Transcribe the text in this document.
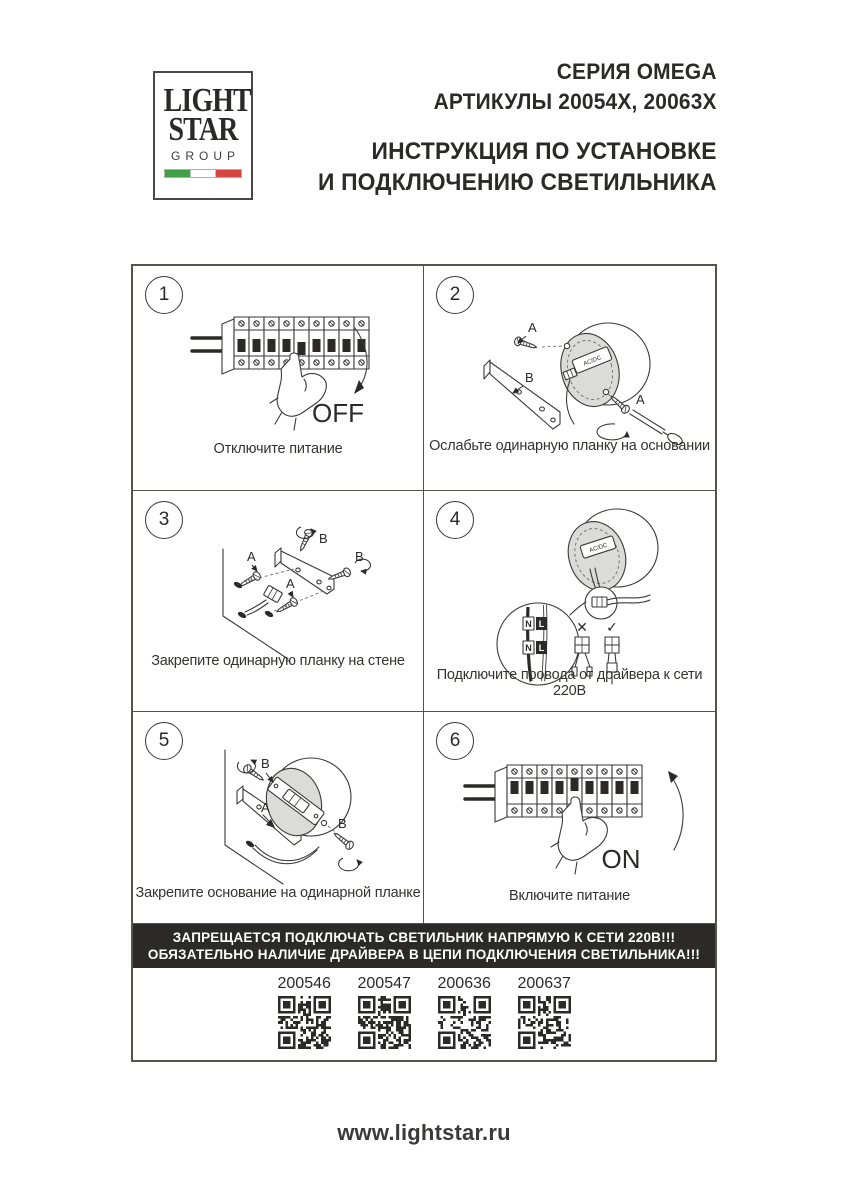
LIGHT
STAR
GROUP
СЕРИЯ OMEGA
АРТИКУЛЫ 20054X, 20063X
ИНСТРУКЦИЯ ПО УСТАНОВКЕ
И ПОДКЛЮЧЕНИЮ СВЕТИЛЬНИКА
1
OFF
Отключите питание
2
AC/DC
A
B
A
Ослабьте одинарную планку на основании
3
B
B
A
A
Закрепите одинарную планку на стене
4
AC/DC
N L
N L
✕ ✓
Подключите провода от драйвера к сети 220В
5
B
A
B
Закрепите основание на одинарной планке
6
ON
Включите питание
ЗАПРЕЩАЕТСЯ ПОДКЛЮЧАТЬ СВЕТИЛЬНИК НАПРЯМУЮ К СЕТИ 220В!!!
ОБЯЗАТЕЛЬНО НАЛИЧИЕ ДРАЙВЕРА В ЦЕПИ ПОДКЛЮЧЕНИЯ СВЕТИЛЬНИКА!!!
200546 200547 200636 200637
www.lightstar.ru
